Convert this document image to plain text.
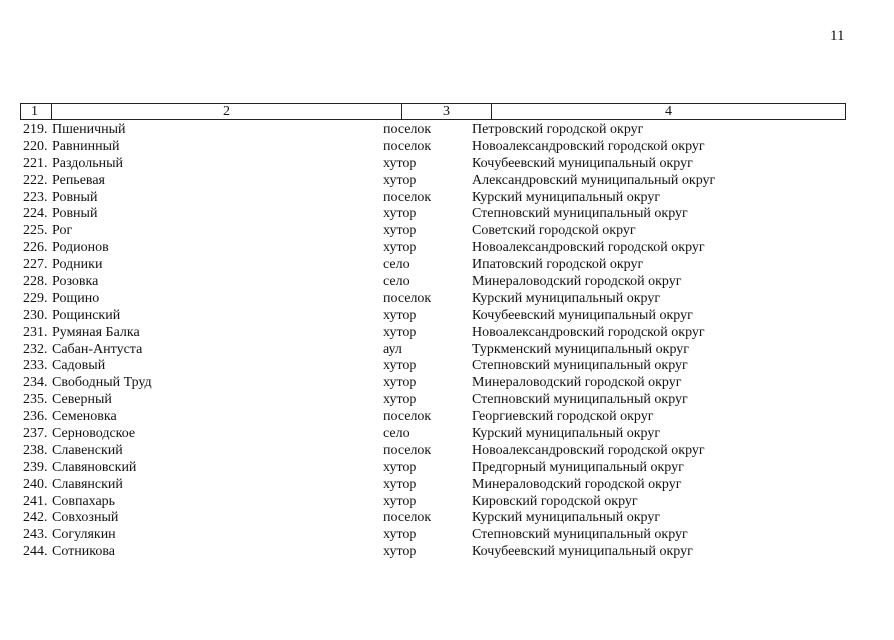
11
1	2	3	4
219. Пшеничный	поселок	Петровский городской округ
220. Равнинный	поселок	Новоалександровский городской округ
221. Раздольный	хутор	Кочубеевский муниципальный округ
222. Репьевая	хутор	Александровский муниципальный округ
223. Ровный	поселок	Курский муниципальный округ
224. Ровный	хутор	Степновский муниципальный округ
225. Рог	хутор	Советский городской округ
226. Родионов	хутор	Новоалександровский городской округ
227. Родники	село	Ипатовский городской округ
228. Розовка	село	Минераловодский городской округ
229. Рощино	поселок	Курский муниципальный округ
230. Рощинский	хутор	Кочубеевский муниципальный округ
231. Румяная Балка	хутор	Новоалександровский городской округ
232. Сабан-Антуста	аул	Туркменский муниципальный округ
233. Садовый	хутор	Степновский муниципальный округ
234. Свободный Труд	хутор	Минераловодский городской округ
235. Северный	хутор	Степновский муниципальный округ
236. Семеновка	поселок	Георгиевский городской округ
237. Серноводское	село	Курский муниципальный округ
238. Славенский	поселок	Новоалександровский городской округ
239. Славяновский	хутор	Предгорный муниципальный округ
240. Славянский	хутор	Минераловодский городской округ
241. Совпахарь	хутор	Кировский городской округ
242. Совхозный	поселок	Курский муниципальный округ
243. Согулякин	хутор	Степновский муниципальный округ
244. Сотникова	хутор	Кочубеевский муниципальный округ
